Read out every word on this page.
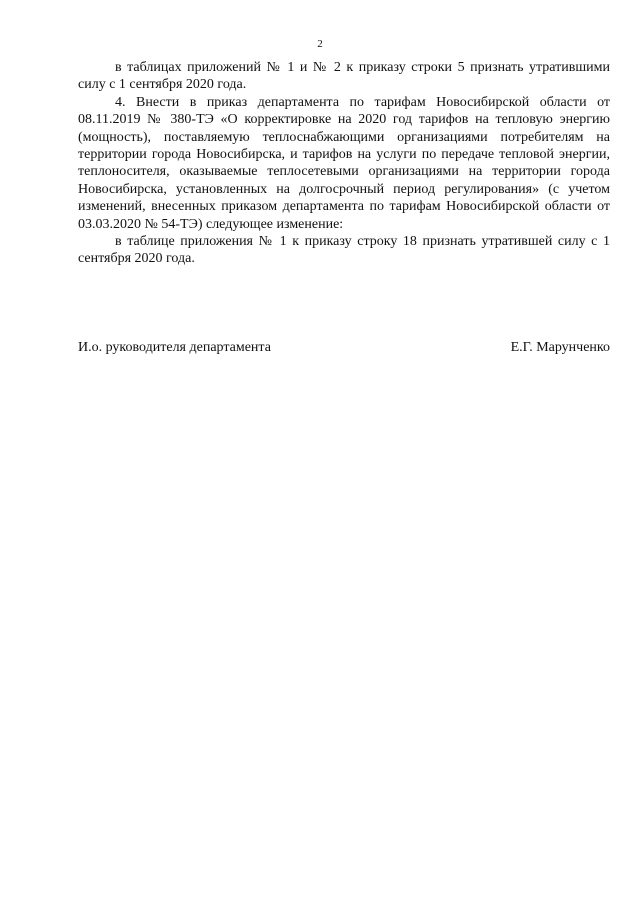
2

в таблицах приложений № 1 и № 2 к приказу строки 5 признать утратившими силу с 1 сентября 2020 года.

4. Внести в приказ департамента по тарифам Новосибирской области от 08.11.2019 № 380-ТЭ «О корректировке на 2020 год тарифов на тепловую энергию (мощность), поставляемую теплоснабжающими организациями потребителям на территории города Новосибирска, и тарифов на услуги по передаче тепловой энергии, теплоносителя, оказываемые теплосетевыми организациями на территории города Новосибирска, установленных на долгосрочный период регулирования» (с учетом изменений, внесенных приказом департамента по тарифам Новосибирской области от 03.03.2020 № 54-ТЭ) следующее изменение:

в таблице приложения № 1 к приказу строку 18 признать утратившей силу с 1 сентября 2020 года.

И.о. руководителя департамента	Е.Г. Марунченко
